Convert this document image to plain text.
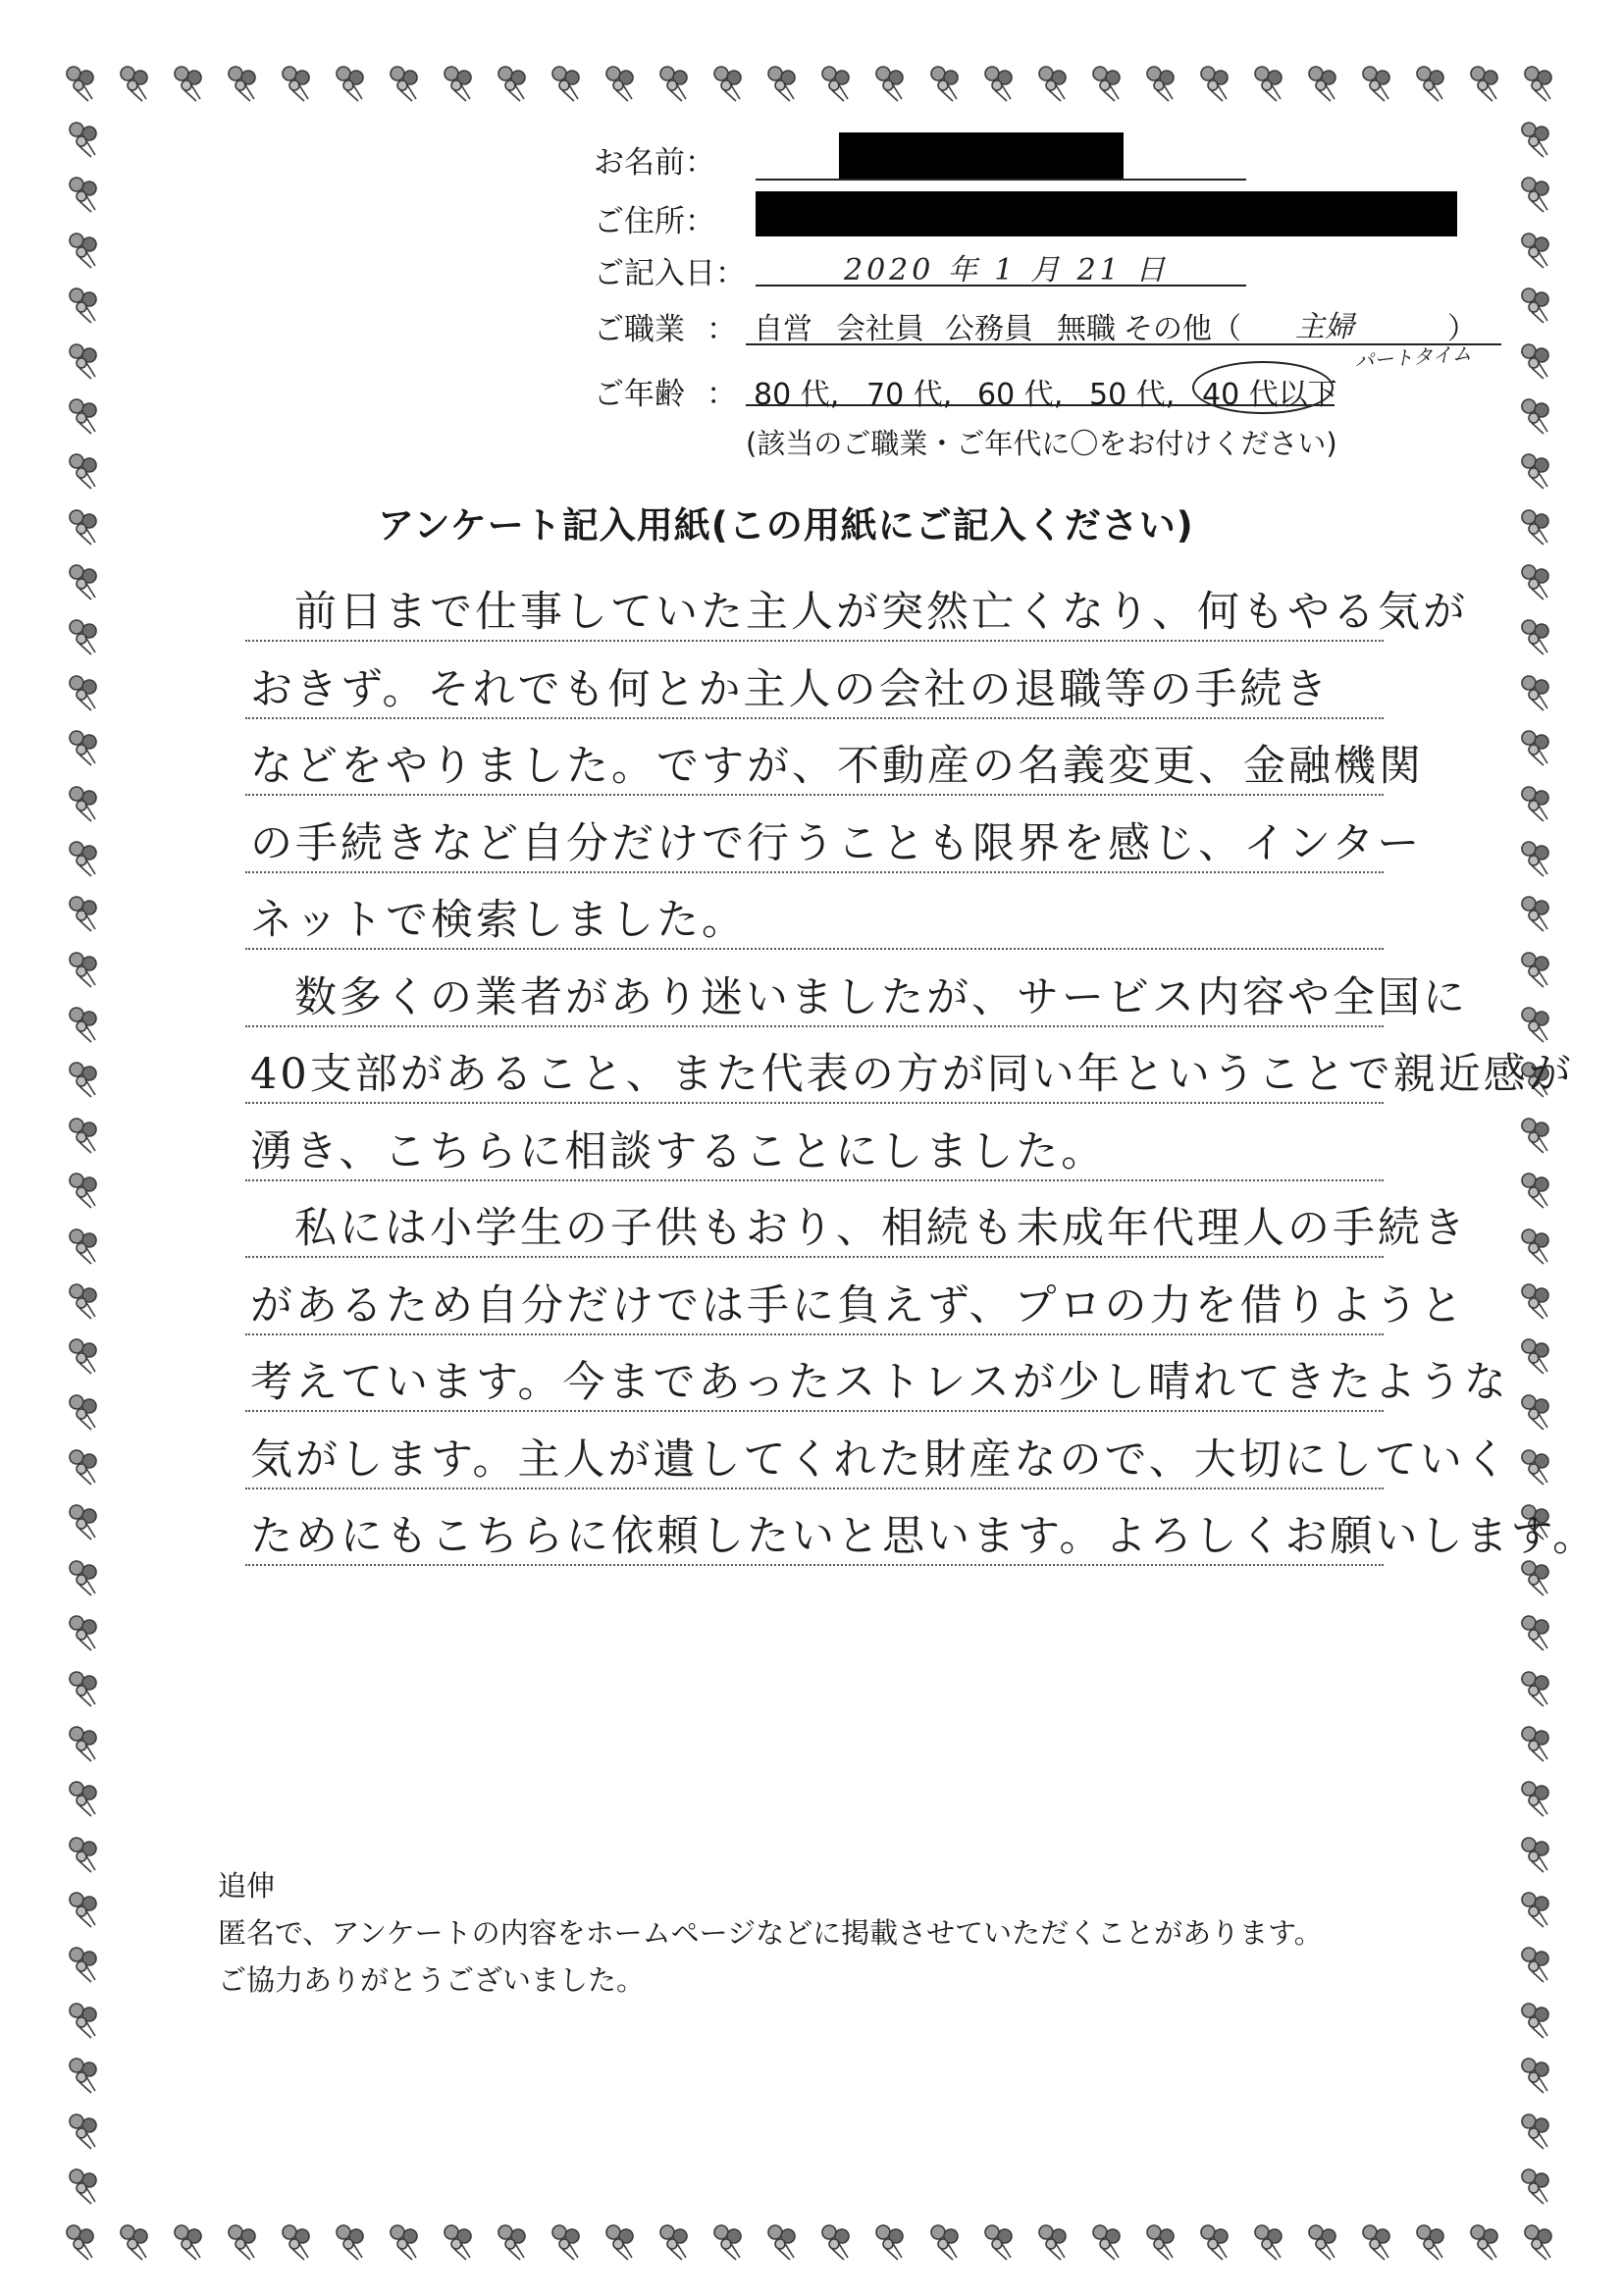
お名前：
ご住所：
ご記入日：	2020 年 1 月 21 日
ご職業 ： 自営 会社員 公務員 無職 その他（ 主婦	）
パートタイム
ご年齢 ： 80 代, 70 代, 60 代, 50 代, 40 代以下
(該当のご職業・ご年代に〇をお付けください)
アンケート記入用紙(この用紙にご記入ください)
前日まで仕事していた主人が突然亡くなり、何もやる気が
おきず。それでも何とか主人の会社の退職等の手続き
などをやりました。ですが、不動産の名義変更、金融機関
の手続きなど自分だけで行うことも限界を感じ、インター
ネットで検索しました。
数多くの業者があり迷いましたが、サービス内容や全国に
40支部があること、また代表の方が同い年ということで親近感が
湧き、こちらに相談することにしました。
私には小学生の子供もおり、相続も未成年代理人の手続き
があるため自分だけでは手に負えず、プロの力を借りようと
考えています。今まであったストレスが少し晴れてきたような
気がします。主人が遺してくれた財産なので、大切にしていく
ためにもこちらに依頼したいと思います。よろしくお願いします。
追伸
匿名で、アンケートの内容をホームページなどに掲載させていただくことがあります。
ご協力ありがとうございました。
